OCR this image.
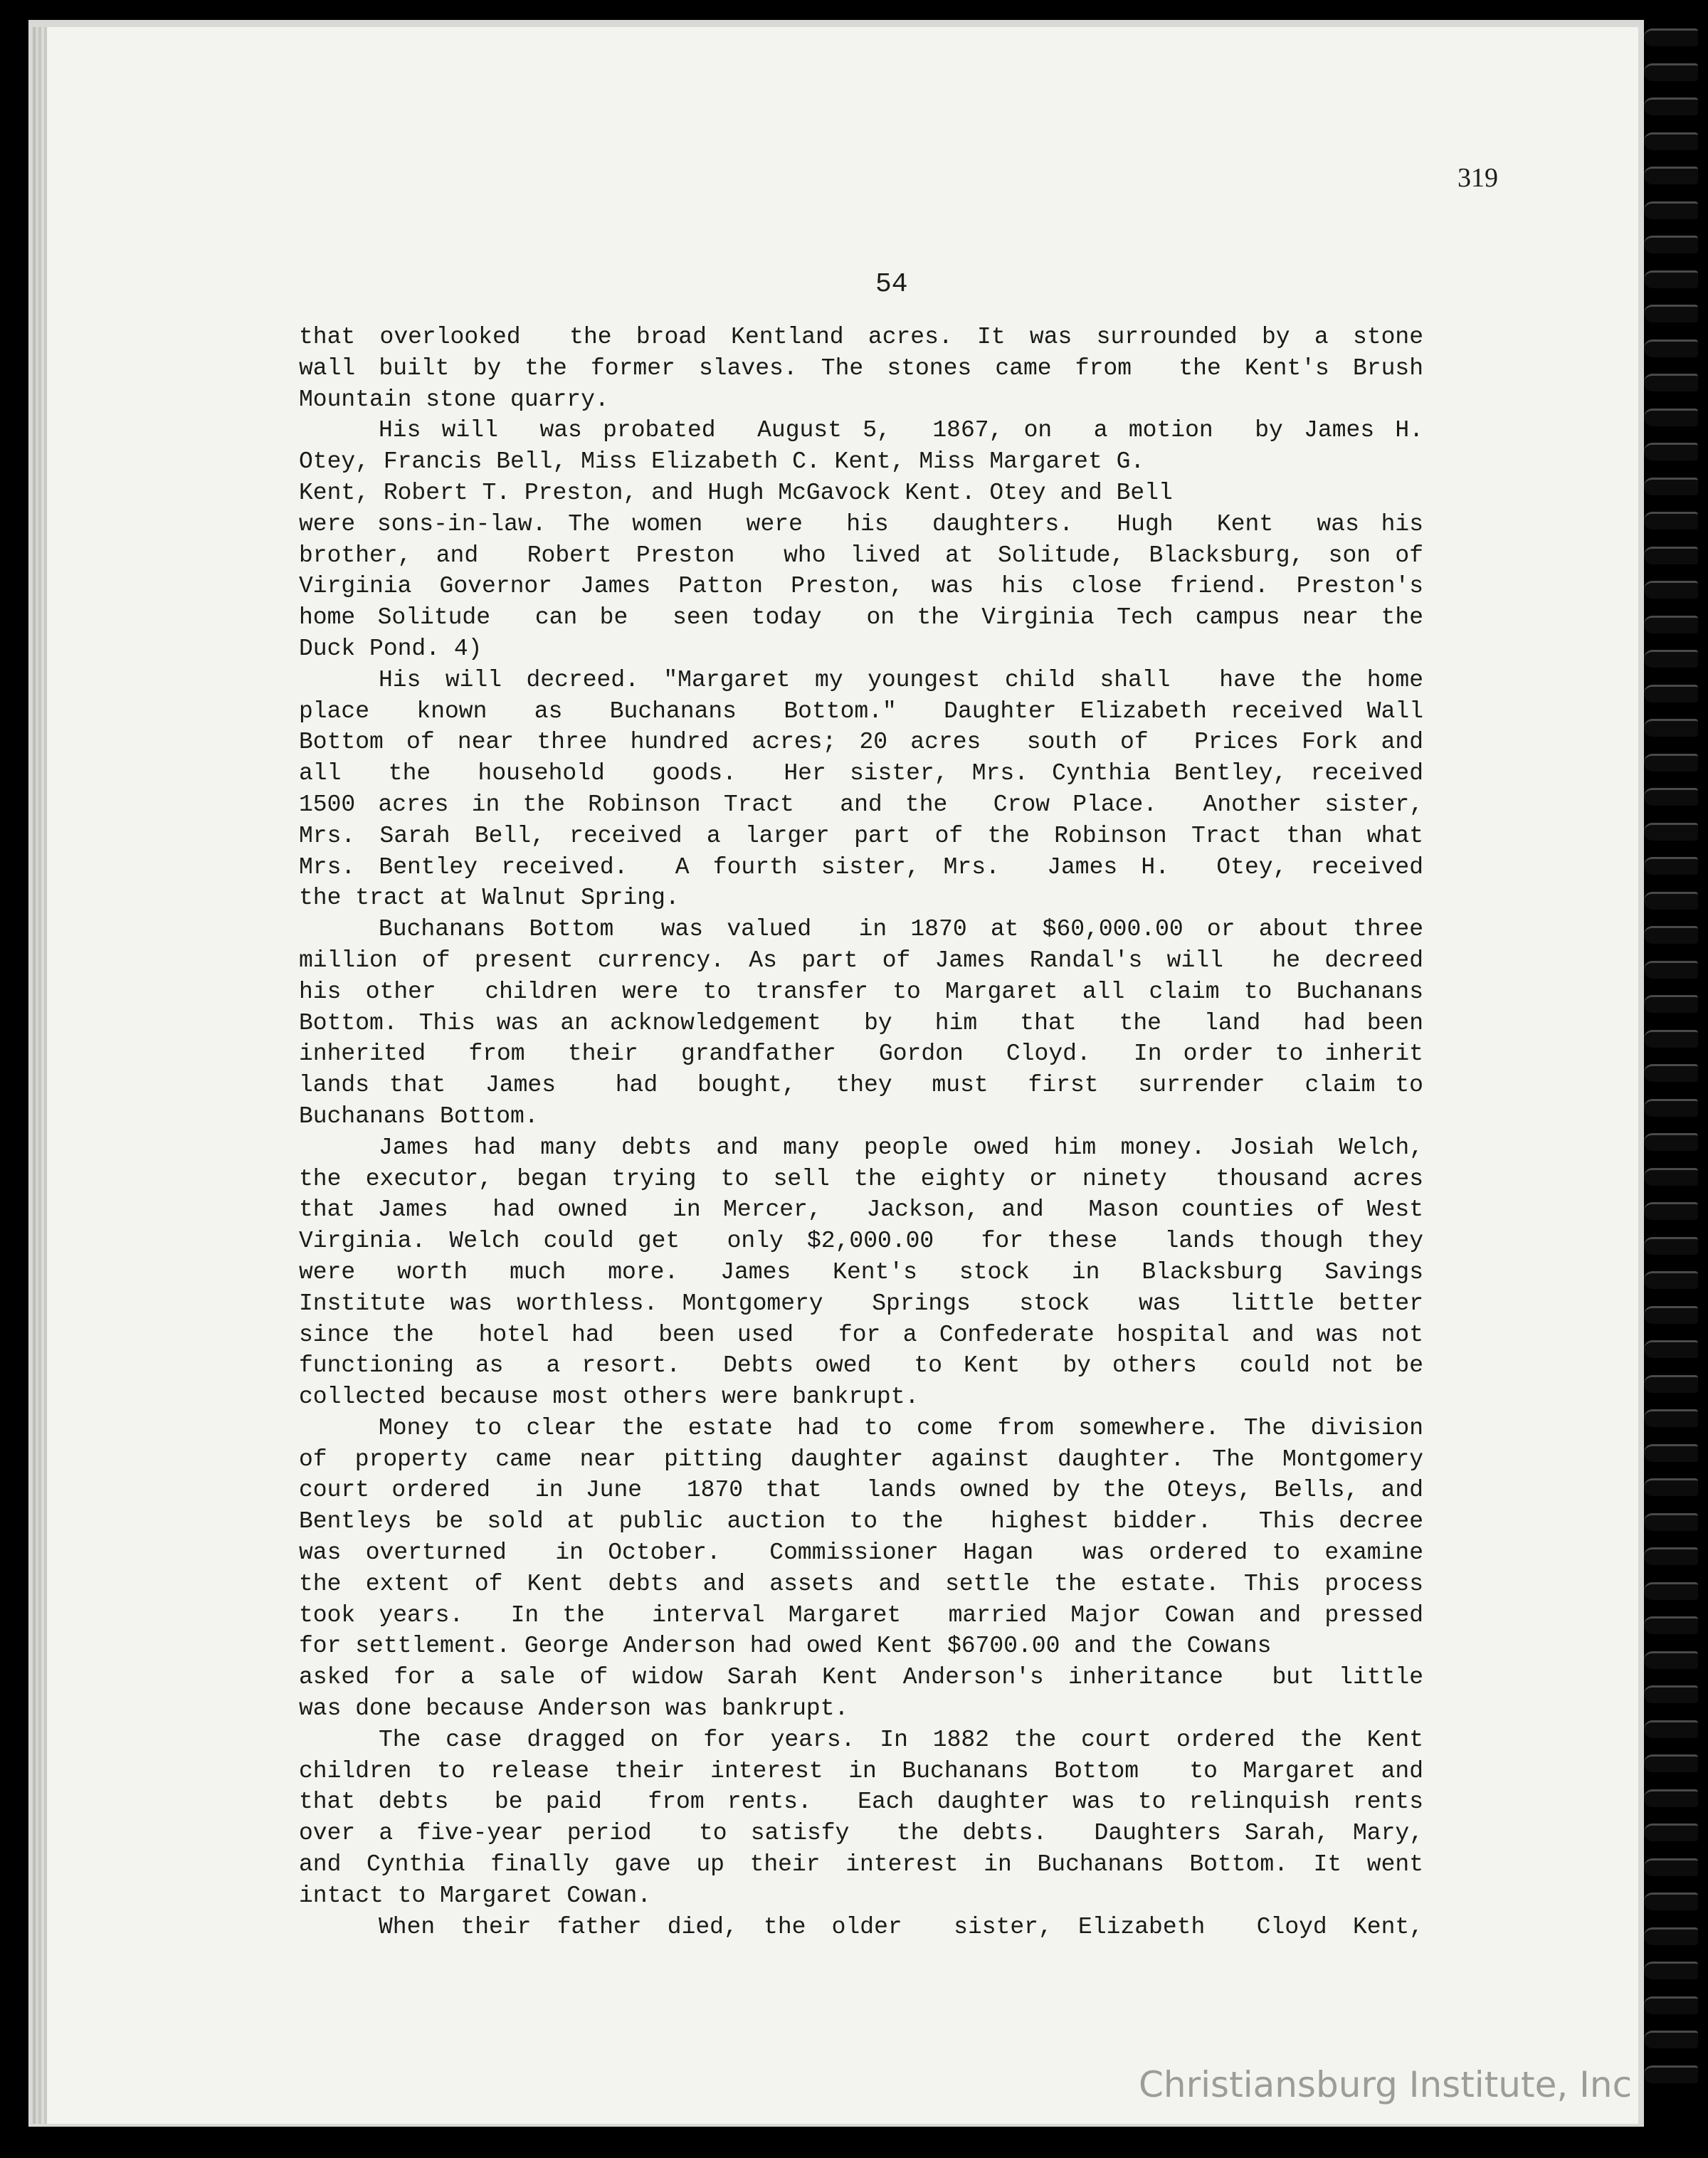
319
54
that overlooked  the broad Kentland acres. It was surrounded by a stone
wall built by the former slaves. The stones came from  the Kent's Brush
Mountain stone quarry.
His will  was probated  August 5,  1867, on  a motion  by James H.
Otey, Francis Bell, Miss Elizabeth C. Kent, Miss Margaret G.
Kent, Robert T. Preston, and Hugh McGavock Kent. Otey and Bell
were sons-in-law. The women  were  his  daughters.  Hugh  Kent  was his
brother, and  Robert Preston  who lived at Solitude, Blacksburg, son of
Virginia Governor James Patton Preston, was his close friend. Preston's
home Solitude  can be  seen today  on the Virginia Tech campus near the
Duck Pond. 4)
His will decreed. "Margaret my youngest child shall  have the home
place  known  as  Buchanans  Bottom."  Daughter Elizabeth received Wall
Bottom of near three hundred acres; 20 acres  south of  Prices Fork and
all  the  household  goods.  Her sister, Mrs. Cynthia Bentley, received
1500 acres in the Robinson Tract  and the  Crow Place.  Another sister,
Mrs. Sarah Bell, received a larger part of the Robinson Tract than what
Mrs. Bentley received.  A fourth sister, Mrs.  James H.  Otey, received
the tract at Walnut Spring.
Buchanans Bottom  was valued  in 1870 at $60,000.00 or about three
million of present currency. As part of James Randal's will  he decreed
his other  children were to transfer to Margaret all claim to Buchanans
Bottom. This was an acknowledgement  by  him  that  the  land  had been
inherited  from  their  grandfather  Gordon  Cloyd.  In order to inherit
lands that  James   had  bought,  they  must  first  surrender  claim to
Buchanans Bottom.
James had many debts and many people owed him money. Josiah Welch,
the executor, began trying to sell the eighty or ninety  thousand acres
that James  had owned  in Mercer,  Jackson, and  Mason counties of West
Virginia. Welch could get  only $2,000.00  for these  lands though they
were  worth  much  more.  James  Kent's  stock  in  Blacksburg  Savings
Institute was worthless. Montgomery  Springs  stock  was  little better
since the  hotel had  been used  for a Confederate hospital and was not
functioning as  a resort.  Debts owed  to Kent  by others  could not be
collected because most others were bankrupt.
Money to clear the estate had to come from somewhere. The division
of property came near pitting daughter against daughter. The Montgomery
court ordered  in June  1870 that  lands owned by the Oteys, Bells, and
Bentleys be sold at public auction to the  highest bidder.  This decree
was overturned  in October.  Commissioner Hagan  was ordered to examine
the extent of Kent debts and assets and settle the estate. This process
took years.  In the  interval Margaret  married Major Cowan and pressed
for settlement. George Anderson had owed Kent $6700.00 and the Cowans
asked for a sale of widow Sarah Kent Anderson's inheritance  but little
was done because Anderson was bankrupt.
The case dragged on for years. In 1882 the court ordered the Kent
children to release their interest in Buchanans Bottom  to Margaret and
that debts  be paid  from rents.  Each daughter was to relinquish rents
over a five-year period  to satisfy  the debts.  Daughters Sarah, Mary,
and Cynthia finally gave up their interest in Buchanans Bottom. It went
intact to Margaret Cowan.
When their father died, the older  sister, Elizabeth  Cloyd Kent,
Christiansburg Institute, Inc
